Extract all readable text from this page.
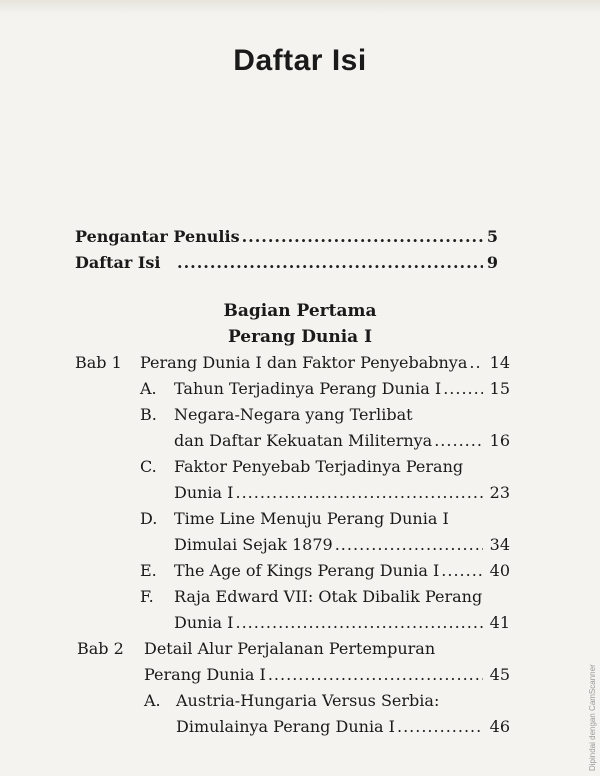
Daftar Isi
Pengantar Penulis .....	5
Daftar Isi .....	9
Bagian Pertama
Perang Dunia I
Bab 1 Perang Dunia I dan Faktor Penyebabnya .....	14
A. Tahun Terjadinya Perang Dunia I .....	15
B. Negara-Negara yang Terlibat
dan Daftar Kekuatan Militernya .....	16
C. Faktor Penyebab Terjadinya Perang
Dunia I .....	23
D. Time Line Menuju Perang Dunia I
Dimulai Sejak 1879 .....	34
E. The Age of Kings Perang Dunia I .....	40
F. Raja Edward VII: Otak Dibalik Perang
Dunia I .....	41
Bab 2 Detail Alur Perjalanan Pertempuran
Perang Dunia I .....	45
A. Austria-Hungaria Versus Serbia:
Dimulainya Perang Dunia I .....	46	Dipindai dengan CamScanner
